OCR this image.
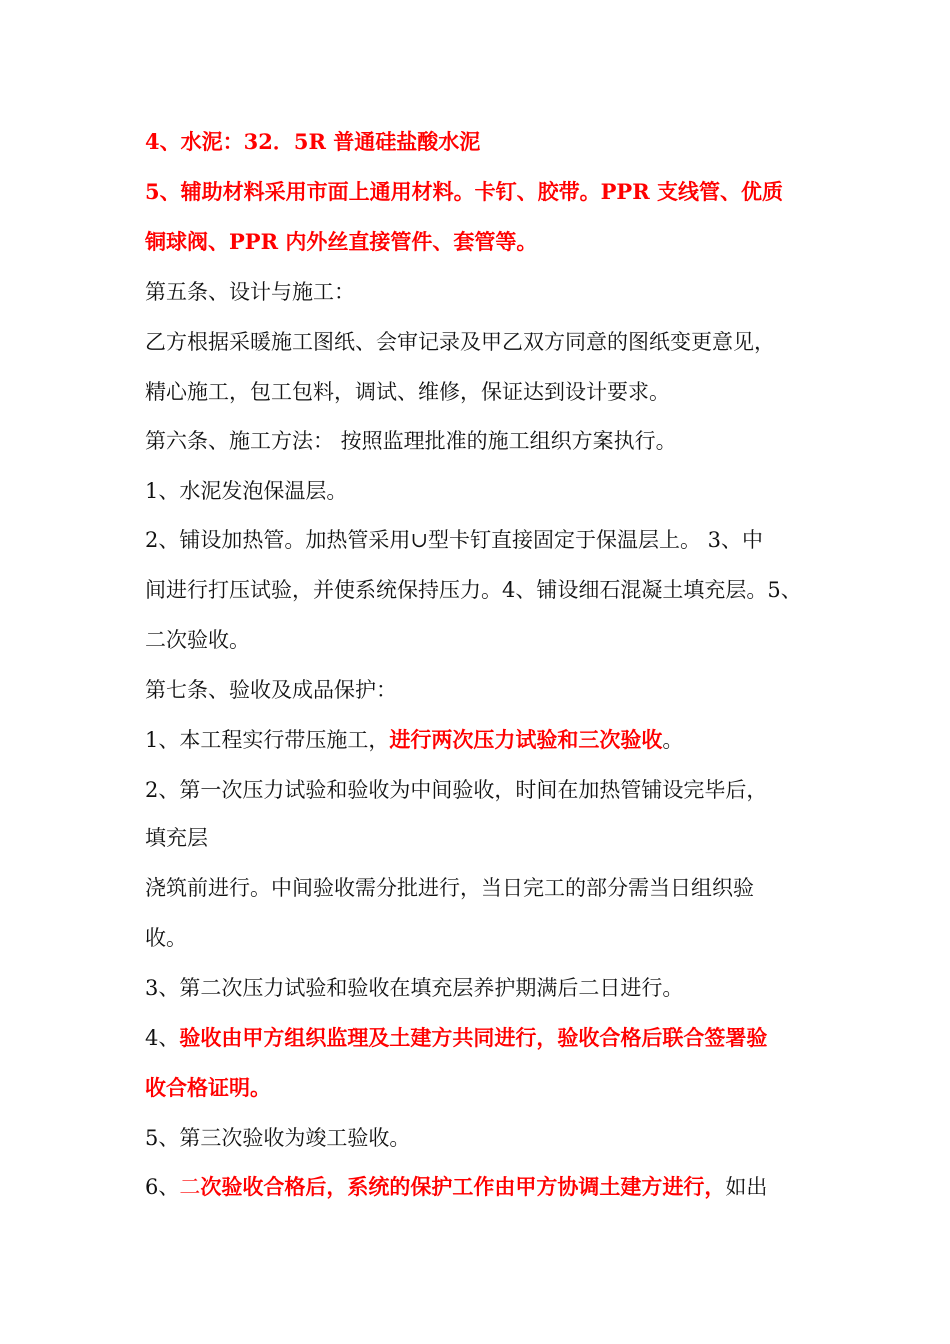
4、水泥：32．5R 普通硅盐酸水泥
5、辅助材料采用市面上通用材料。卡钉、胶带。PPR 支线管、优质
铜球阀、PPR 内外丝直接管件、套管等。
第五条、设计与施工：
乙方根据采暖施工图纸、会审记录及甲乙双方同意的图纸变更意见，
精心施工，包工包料，调试、维修，保证达到设计要求。
第六条、施工方法： 按照监理批准的施工组织方案执行。
1、水泥发泡保温层。
2、铺设加热管。加热管采用∪型卡钉直接固定于保温层上。 3、中
间进行打压试验，并使系统保持压力。4、铺设细石混凝土填充层。5、
二次验收。
第七条、验收及成品保护：
1、本工程实行带压施工，进行两次压力试验和三次验收。
2、第一次压力试验和验收为中间验收，时间在加热管铺设完毕后，
填充层
浇筑前进行。中间验收需分批进行，当日完工的部分需当日组织验
收。
3、第二次压力试验和验收在填充层养护期满后二日进行。
4、验收由甲方组织监理及土建方共同进行，验收合格后联合签署验
收合格证明。
5、第三次验收为竣工验收。
6、二次验收合格后，系统的保护工作由甲方协调土建方进行，如出
